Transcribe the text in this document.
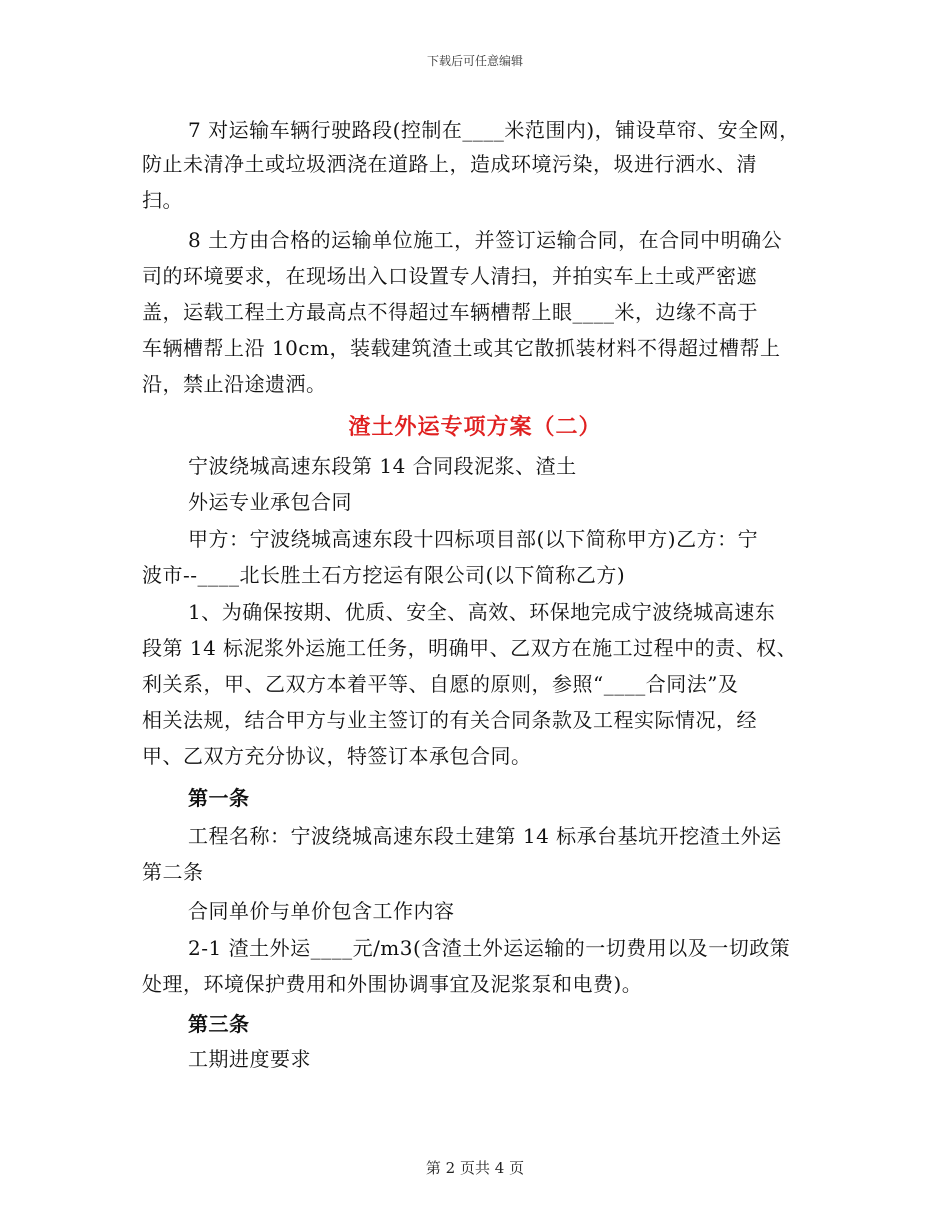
下载后可任意编辑
7 对运输车辆行驶路段(控制在____米范围内)，铺设草帘、安全网，
防止未清净土或垃圾洒浇在道路上，造成环境污染，圾进行洒水、清
扫。
8 土方由合格的运输单位施工，并签订运输合同，在合同中明确公
司的环境要求，在现场出入口设置专人清扫，并拍实车上土或严密遮
盖，运载工程土方最高点不得超过车辆槽帮上眼____米，边缘不高于
车辆槽帮上沿 10cm，装载建筑渣土或其它散抓装材料不得超过槽帮上
沿，禁止沿途遗洒。
渣土外运专项方案（二）
宁波绕城高速东段第 14 合同段泥浆、渣土
外运专业承包合同
甲方：宁波绕城高速东段十四标项目部(以下简称甲方)乙方：宁
波市--____北长胜土石方挖运有限公司(以下简称乙方)
1、为确保按期、优质、安全、高效、环保地完成宁波绕城高速东
段第 14 标泥浆外运施工任务，明确甲、乙双方在施工过程中的责、权、
利关系，甲、乙双方本着平等、自愿的原则，参照“____合同法”及
相关法规，结合甲方与业主签订的有关合同条款及工程实际情况，经
甲、乙双方充分协议，特签订本承包合同。
第一条
工程名称：宁波绕城高速东段土建第 14 标承台基坑开挖渣土外运
第二条
合同单价与单价包含工作内容
2-1 渣土外运____元/m3(含渣土外运运输的一切费用以及一切政策
处理，环境保护费用和外围协调事宜及泥浆泵和电费)。
第三条
工期进度要求
第 2 页共 4 页
